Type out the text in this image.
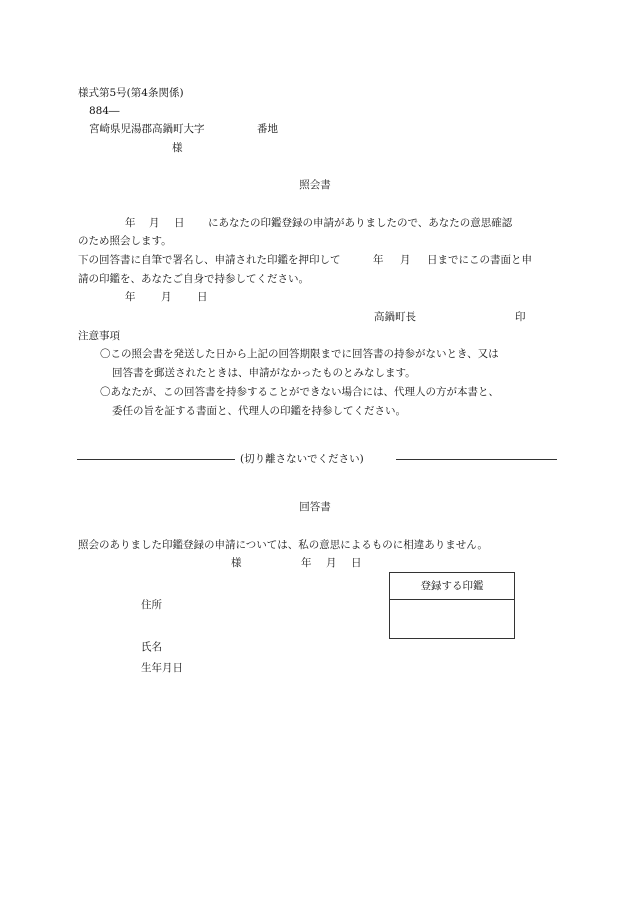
様式第5号(第4条関係)
884―
宮崎県児湯郡高鍋町大字	番地
様
照会書
年 月 日 にあなたの印鑑登録の申請がありましたので、あなたの意思確認
のため照会します。
下の回答書に自筆で署名し、申請された印鑑を押印して	年 月 日までにこの書面と申
請の印鑑を、あなたご自身で持参してください。
年 月 日
高鍋町長	印
注意事項
〇この照会書を発送した日から上記の回答期限までに回答書の持参がないとき、又は
回答書を郵送されたときは、申請がなかったものとみなします。
〇あなたが、この回答書を持参することができない場合には、代理人の方が本書と、
委任の旨を証する書面と、代理人の印鑑を持参してください。
(切り離さないでください)
回答書
照会のありました印鑑登録の申請については、私の意思によるものに相違ありません。
様	年 月 日
登録する印鑑
住所
氏名
生年月日
